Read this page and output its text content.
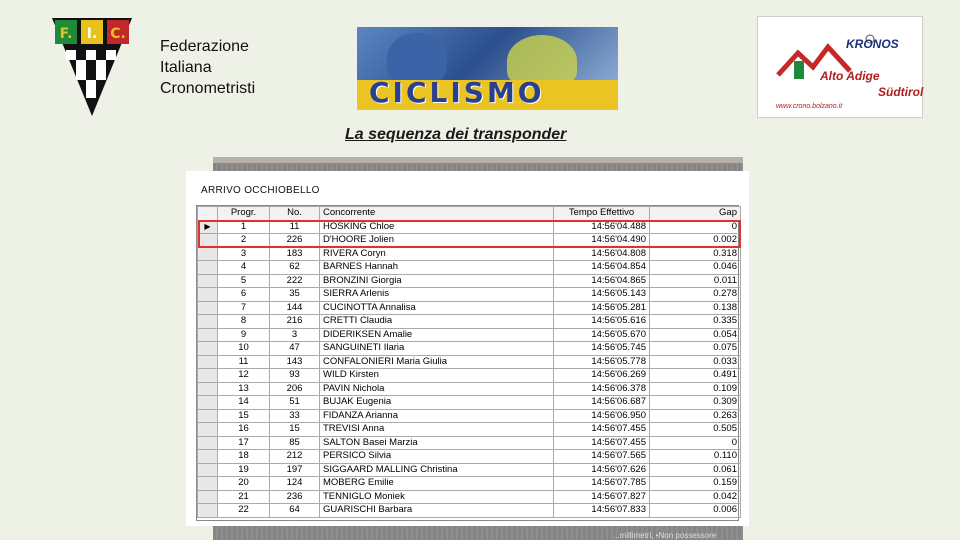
F. I. C.
Federazione
Italiana
Cronometristi	CICLISMO
KRONOS
Alto Adige
Südtirol
www.crono.bolzano.it
La sequenza dei transponder
...millimetri, •Non possessore
ARRIVO OCCHIOBELLO
	Progr.	No.	Concorrente	Tempo Effettivo	Gap
▶	1	11	HOSKING Chloe	14:56'04.488	0
	2	226	D'HOORE Jolien	14:56'04.490	0.002
	3	183	RIVERA Coryn	14:56'04.808	0.318
	4	62	BARNES Hannah	14:56'04.854	0.046
	5	222	BRONZINI Giorgia	14:56'04.865	0.011
	6	35	SIERRA Arlenis	14:56'05.143	0.278
	7	144	CUCINOTTA Annalisa	14:56'05.281	0.138
	8	216	CRETTI Claudia	14:56'05.616	0.335
	9	3	DIDERIKSEN Amalie	14:56'05.670	0.054
	10	47	SANGUINETI Ilaria	14:56'05.745	0.075
	11	143	CONFALONIERI Maria Giulia	14:56'05.778	0.033
	12	93	WILD Kirsten	14:56'06.269	0.491
	13	206	PAVIN Nichola	14:56'06.378	0.109
	14	51	BUJAK Eugenia	14:56'06.687	0.309
	15	33	FIDANZA Arianna	14:56'06.950	0.263
	16	15	TREVISI Anna	14:56'07.455	0.505
	17	85	SALTON Basei Marzia	14:56'07.455	0
	18	212	PERSICO Silvia	14:56'07.565	0.110
	19	197	SIGGAARD MALLING Christina	14:56'07.626	0.061
	20	124	MOBERG Emilie	14:56'07.785	0.159
	21	236	TENNIGLO Moniek	14:56'07.827	0.042
	22	64	GUARISCHI Barbara	14:56'07.833	0.006
